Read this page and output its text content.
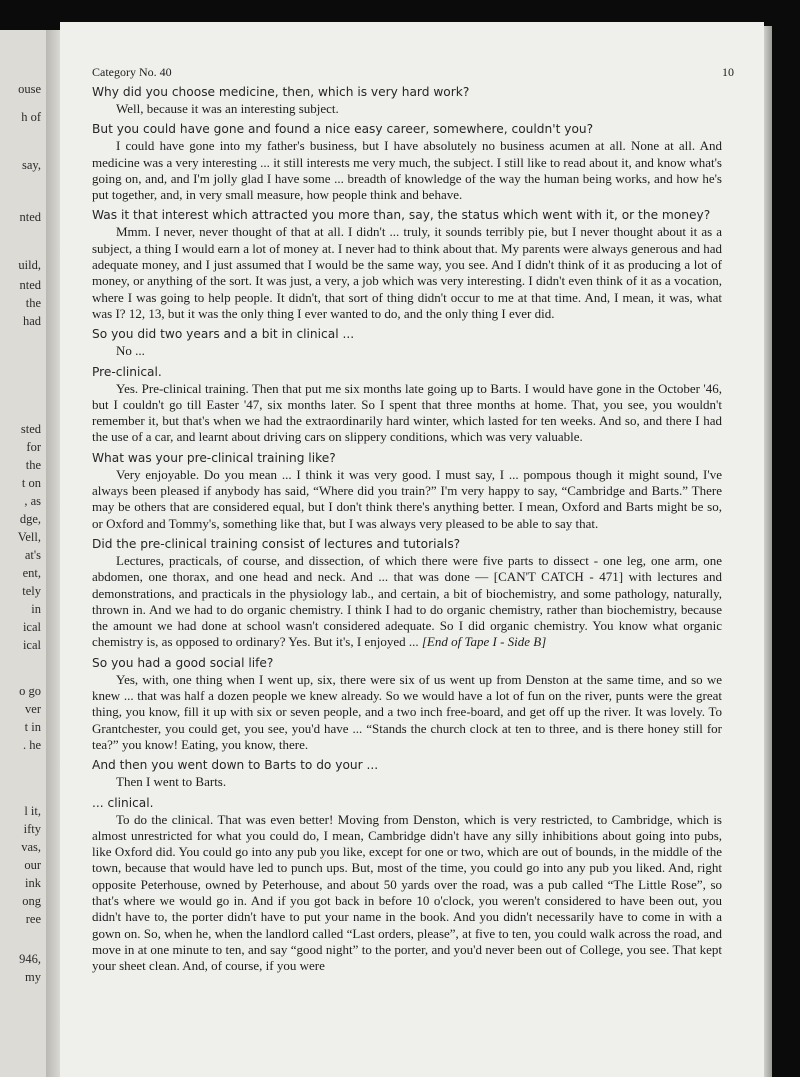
ouse
h of
say,
nted
uild,
nted
the
had
sted
for
the
t on
, as
dge,
Vell,
at's
ent,
tely
in
ical
ical
o go
ver
t in
. he
l it,
ifty
vas,
our
ink
ong
ree
946,
my
Category No. 40	10

Why did you choose medicine, then, which is very hard work?

Well, because it was an interesting subject.

But you could have gone and found a nice easy career, somewhere, couldn't you?

I could have gone into my father's business, but I have absolutely no business acumen at all. None at all. And medicine was a very interesting ... it still interests me very much, the subject. I still like to read about it, and know what's going on, and, and I'm jolly glad I have some ... breadth of knowledge of the way the human being works, and how he's put together, and, in very small measure, how people think and behave.

Was it that interest which attracted you more than, say, the status which went with it, or the money?

Mmm. I never, never thought of that at all. I didn't ... truly, it sounds terribly pie, but I never thought about it as a subject, a thing I would earn a lot of money at. I never had to think about that. My parents were always generous and had adequate money, and I just assumed that I would be the same way, you see. And I didn't think of it as producing a lot of money, or anything of the sort. It was just, a very, a job which was very interesting. I didn't even think of it as a vocation, where I was going to help people. It didn't, that sort of thing didn't occur to me at that time. And, I mean, it was, what was I? 12, 13, but it was the only thing I ever wanted to do, and the only thing I ever did.

So you did two years and a bit in clinical ...

No ...

Pre-clinical.

Yes. Pre-clinical training. Then that put me six months late going up to Barts. I would have gone in the October '46, but I couldn't go till Easter '47, six months later. So I spent that three months at home. That, you see, you wouldn't remember it, but that's when we had the extraordinarily hard winter, which lasted for ten weeks. And so, and there I had the use of a car, and learnt about driving cars on slippery conditions, which was very valuable.

What was your pre-clinical training like?

Very enjoyable. Do you mean ... I think it was very good. I must say, I ... pompous though it might sound, I've always been pleased if anybody has said, “Where did you train?” I'm very happy to say, “Cambridge and Barts.” There may be others that are considered equal, but I don't think there's anything better. I mean, Oxford and Barts might be so, or Oxford and Tommy's, something like that, but I was always very pleased to be able to say that.

Did the pre-clinical training consist of lectures and tutorials?

Lectures, practicals, of course, and dissection, of which there were five parts to dissect - one leg, one arm, one abdomen, one thorax, and one head and neck. And ... that was done — [CAN'T CATCH - 471] with lectures and demonstrations, and practicals in the physiology lab., and certain, a bit of biochemistry, and some pathology, naturally, thrown in. And we had to do organic chemistry. I think I had to do organic chemistry, rather than biochemistry, because the amount we had done at school wasn't considered adequate. So I did organic chemistry. You know what organic chemistry is, as opposed to ordinary? Yes. But it's, I enjoyed ... [End of Tape I - Side B]

So you had a good social life?

Yes, with, one thing when I went up, six, there were six of us went up from Denston at the same time, and so we knew ... that was half a dozen people we knew already. So we would have a lot of fun on the river, punts were the great thing, you know, fill it up with six or seven people, and a two inch free-board, and get off up the river. It was lovely. To Grantchester, you could get, you see, you'd have ... “Stands the church clock at ten to three, and is there honey still for tea?” you know! Eating, you know, there.

And then you went down to Barts to do your ...

Then I went to Barts.

... clinical.

To do the clinical. That was even better! Moving from Denston, which is very restricted, to Cambridge, which is almost unrestricted for what you could do, I mean, Cambridge didn't have any silly inhibitions about going into pubs, like Oxford did. You could go into any pub you like, except for one or two, which are out of bounds, in the middle of the town, because that would have led to punch ups. But, most of the time, you could go into any pub you liked. And, right opposite Peterhouse, owned by Peterhouse, and about 50 yards over the road, was a pub called “The Little Rose”, so that's where we would go in. And if you got back in before 10 o'clock, you weren't considered to have been out, you didn't have to, the porter didn't have to put your name in the book. And you didn't necessarily have to come in with a gown on. So, when he, when the landlord called “Last orders, please”, at five to ten, you could walk across the road, and move in at one minute to ten, and say “good night” to the porter, and you'd never been out of College, you see. That kept your sheet clean. And, of course, if you were
